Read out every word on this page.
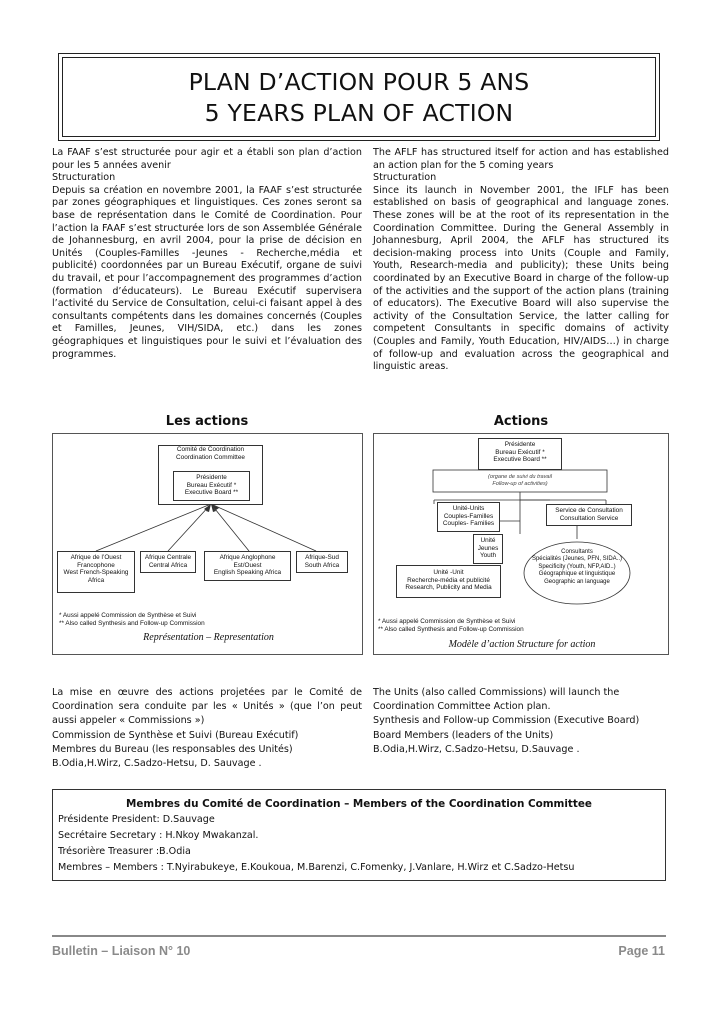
PLAN D’ACTION POUR 5 ANS
5 YEARS PLAN OF ACTION

La FAAF s’est structurée pour agir et a établi son plan d’action pour les 5 années avenir

Structuration

Depuis sa création en novembre 2001, la FAAF s’est structurée par zones géographiques et linguistiques. Ces zones seront sa base de représentation dans le Comité de Coordination. Pour l’action la FAAF s’est structurée lors de son Assemblée Générale de Johannesburg, en avril 2004, pour la prise de décision en Unités (Couples-Familles -Jeunes - Recherche,média et publicité) coordonnées par un Bureau Exécutif, organe de suivi du travail, et pour l’accompagnement des programmes d’action (formation d’éducateurs). Le Bureau Exécutif supervisera l’activité du Service de Consultation, celui-ci faisant appel à des consultants compétents dans les domaines concernés (Couples et Familles, Jeunes, VIH/SIDA, etc.) dans les zones géographiques et linguistiques pour le suivi et l’évaluation des programmes.

The AFLF has structured itself for action and has established an action plan for the 5 coming years

Structuration

Since its launch in November 2001, the IFLF has been established on basis of geographical and language zones. These zones will be at the root of its representation in the Coordination Committee. During the General Assembly in Johannesburg, April 2004, the AFLF has structured its decision-making process into Units (Couple and Family, Youth, Research-media and publicity); these Units being coordinated by an Executive Board in charge of the follow-up of the activities and the support of the action plans (training of educators). The Executive Board will also supervise the activity of the Consultation Service, the latter calling for competent Consultants in specific domains of activity (Couples and Family, Youth Education, HIV/AIDS…) in charge of follow-up and evaluation across the geographical and linguistic areas.

Les actions	Actions
Comité de Coordination
Coordination Committee
Présidente
Bureau Exécutif *
Executive Board **
Afrique de l’Ouest
Francophone
West French-Speaking
Africa
Afrique Centrale
Central Africa
Afrique Anglophone
Est/Ouest
English Speaking Africa
Afrique-Sud
South Africa
* Aussi appelé Commission de Synthèse et Suivi
** Also called Synthesis and Follow-up Commission
Représentation – Representation
Présidente
Bureau Exécutif *
Executive Board **
(organe de suivi du travail
Follow-up of activities)
Unité-Units
Couples-Familles
Couples- Families
Unité
Jeunes
Youth
Unité -Unit
Recherche-média et publicité
Research, Publicity and Media
Service de Consultation
Consultation Service
Consultants
Spécialités (Jeunes, PFN, SIDA..)
Specificity (Youth, NFP,AID..)
Géographique et linguistique
Geographic an language
* Aussi appelé Commission de Synthèse et Suivi
** Also called Synthesis and Follow-up Commission
Modèle d’action Structure for action

La mise en œuvre des actions projetées par le Comité de Coordination sera conduite par les « Unités » (que l’on peut aussi appeler « Commissions »)

Commission de Synthèse et Suivi (Bureau Exécutif)

Membres du Bureau (les responsables des Unités)

B.Odia,H.Wirz, C.Sadzo-Hetsu, D. Sauvage .

The Units (also called Commissions) will launch the Coordination Committee Action plan.

Synthesis and Follow-up Commission (Executive Board)

Board Members (leaders of the Units)

B.Odia,H.Wirz, C.Sadzo-Hetsu, D.Sauvage .

Membres du Comité de Coordination – Members of the Coordination Committee
Présidente President: D.Sauvage
Secrétaire Secretary : H.Nkoy Mwakanzal.
Trésorière Treasurer :B.Odia
Membres – Members : T.Nyirabukeye, E.Koukoua, M.Barenzi, C.Fomenky, J.Vanlare, H.Wirz et C.Sadzo-Hetsu
Bulletin – Liaison N° 10	Page 11
